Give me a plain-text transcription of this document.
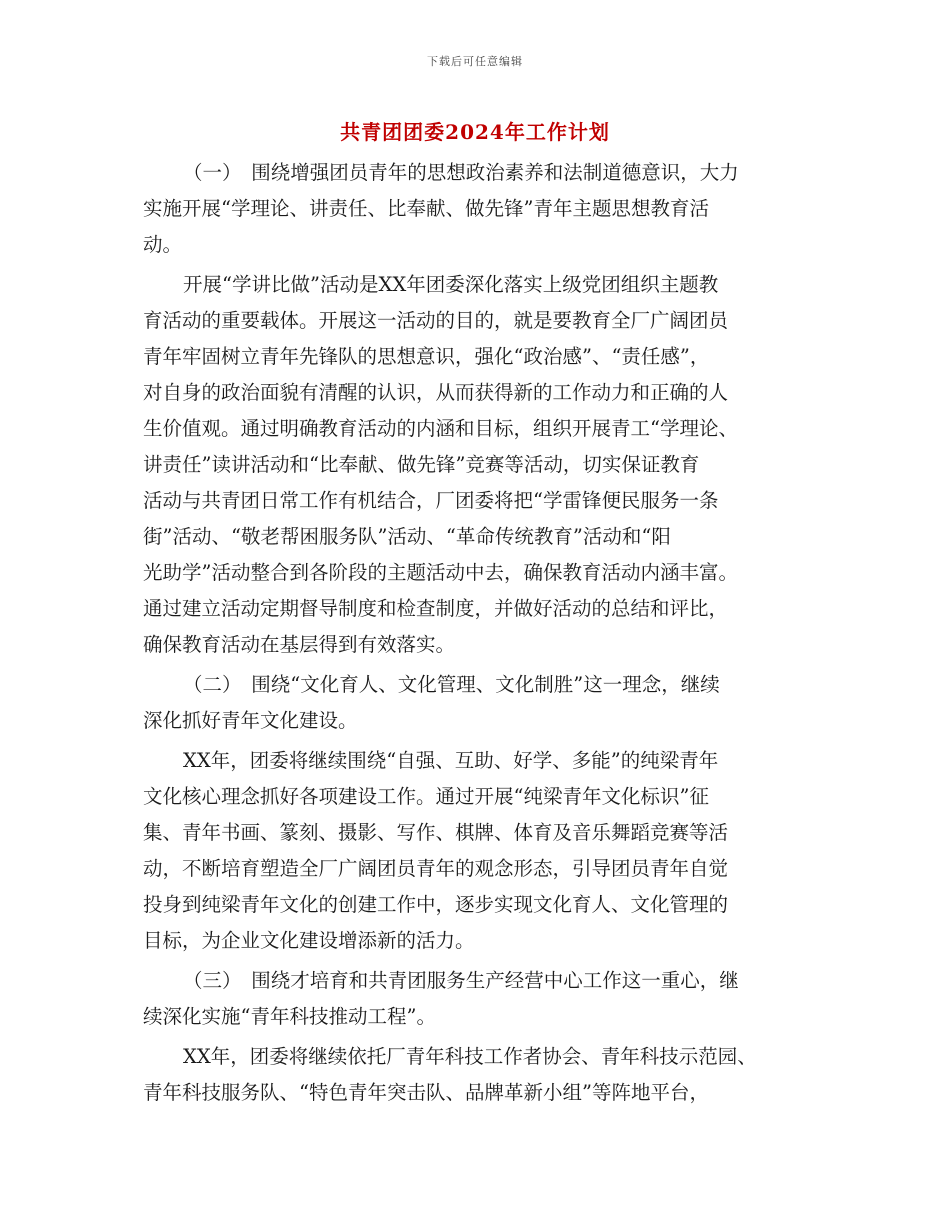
下载后可任意编辑
共青团团委2024年工作计划

（一）　围绕增强团员青年的思想政治素养和法制道德意识，大力

实施开展“学理论、讲责任、比奉献、做先锋”青年主题思想教育活

动。

开展“学讲比做”活动是XX年团委深化落实上级党团组织主题教

育活动的重要载体。开展这一活动的目的，就是要教育全厂广阔团员

青年牢固树立青年先锋队的思想意识，强化“政治感”、“责任感”，

对自身的政治面貌有清醒的认识，从而获得新的工作动力和正确的人

生价值观。通过明确教育活动的内涵和目标，组织开展青工“学理论、

讲责任”读讲活动和“比奉献、做先锋”竞赛等活动，切实保证教育

活动与共青团日常工作有机结合，厂团委将把“学雷锋便民服务一条

街”活动、“敬老帮困服务队”活动、“革命传统教育”活动和“阳

光助学”活动整合到各阶段的主题活动中去，确保教育活动内涵丰富。

通过建立活动定期督导制度和检查制度，并做好活动的总结和评比，

确保教育活动在基层得到有效落实。

（二）　围绕“文化育人、文化管理、文化制胜”这一理念，继续

深化抓好青年文化建设。

XX年，团委将继续围绕“自强、互助、好学、多能”的纯梁青年

文化核心理念抓好各项建设工作。通过开展“纯梁青年文化标识”征

集、青年书画、篆刻、摄影、写作、棋牌、体育及音乐舞蹈竞赛等活

动，不断培育塑造全厂广阔团员青年的观念形态，引导团员青年自觉

投身到纯梁青年文化的创建工作中，逐步实现文化育人、文化管理的

目标，为企业文化建设增添新的活力。

（三）　围绕才培育和共青团服务生产经营中心工作这一重心，继

续深化实施“青年科技推动工程”。

XX年，团委将继续依托厂青年科技工作者协会、青年科技示范园、

青年科技服务队、“特色青年突击队、品牌革新小组”等阵地平台，
